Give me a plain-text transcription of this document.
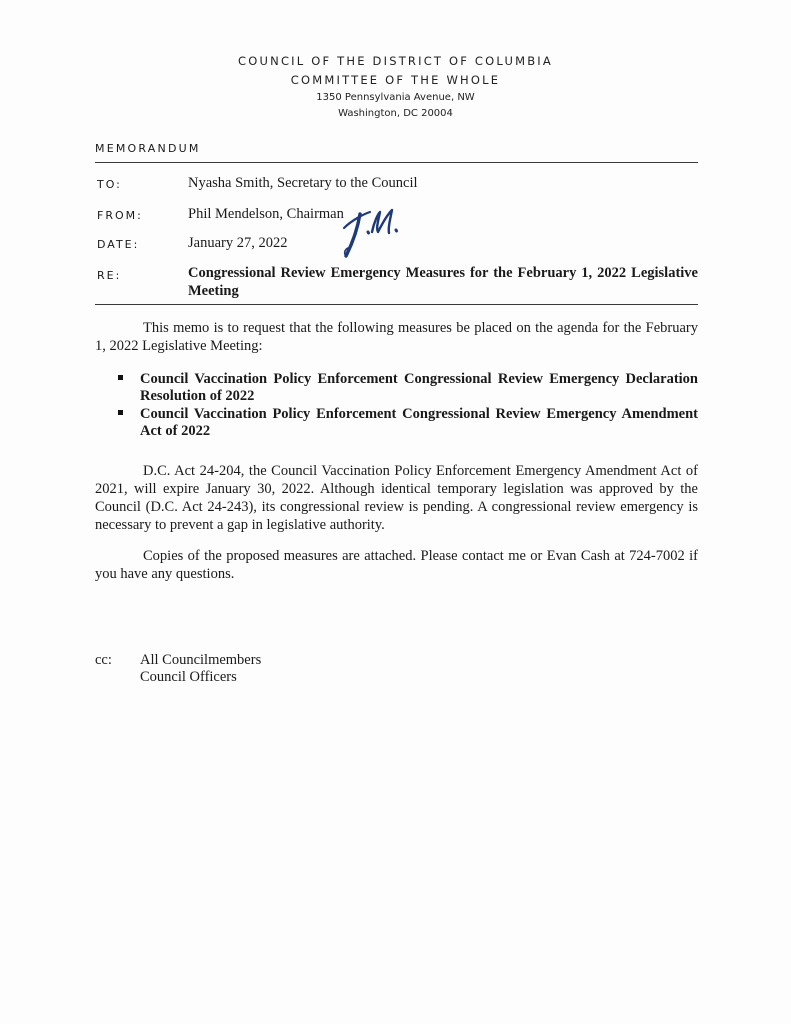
COUNCIL OF THE DISTRICT OF COLUMBIA
COMMITTEE OF THE WHOLE
1350 Pennsylvania Avenue, NW
Washington, DC 20004
MEMORANDUM
TO:	Nyasha Smith, Secretary to the Council
FROM:	Phil Mendelson, Chairman
DATE:	January 27, 2022
RE:	Congressional Review Emergency Measures for the February 1, 2022 Legislative Meeting
This memo is to request that the following measures be placed on the agenda for the February 1, 2022 Legislative Meeting:
Council Vaccination Policy Enforcement Congressional Review Emergency Declaration Resolution of 2022
Council Vaccination Policy Enforcement Congressional Review Emergency Amendment Act of 2022
D.C. Act 24-204, the Council Vaccination Policy Enforcement Emergency Amendment Act of 2021, will expire January 30, 2022. Although identical temporary legislation was approved by the Council (D.C. Act 24-243), its congressional review is pending. A congressional review emergency is necessary to prevent a gap in legislative authority.
Copies of the proposed measures are attached. Please contact me or Evan Cash at 724-7002 if you have any questions.
cc: All Councilmembers
Council Officers
